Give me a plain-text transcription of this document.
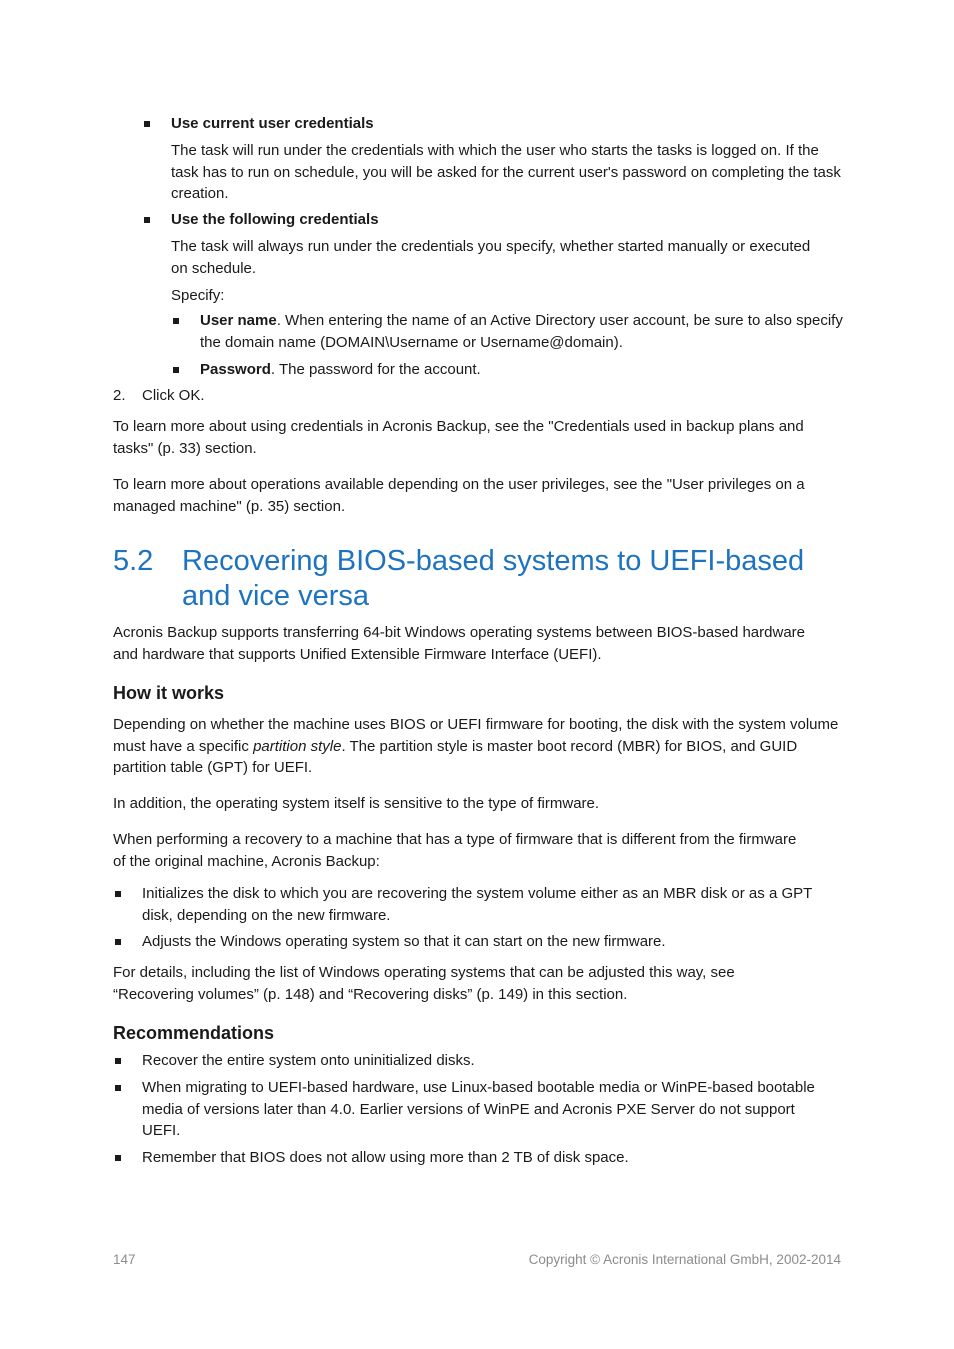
Use current user credentials
The task will run under the credentials with which the user who starts the tasks is logged on. If the task has to run on schedule, you will be asked for the current user's password on completing the task creation.
Use the following credentials
The task will always run under the credentials you specify, whether started manually or executed on schedule.
Specify:
User name. When entering the name of an Active Directory user account, be sure to also specify the domain name (DOMAIN\Username or Username@domain).
Password. The password for the account.
2. Click OK.
To learn more about using credentials in Acronis Backup, see the "Credentials used in backup plans and tasks" (p. 33) section.
To learn more about operations available depending on the user privileges, see the "User privileges on a managed machine" (p. 35) section.
5.2 Recovering BIOS-based systems to UEFI-based and vice versa
Acronis Backup supports transferring 64-bit Windows operating systems between BIOS-based hardware and hardware that supports Unified Extensible Firmware Interface (UEFI).
How it works
Depending on whether the machine uses BIOS or UEFI firmware for booting, the disk with the system volume must have a specific partition style. The partition style is master boot record (MBR) for BIOS, and GUID partition table (GPT) for UEFI.
In addition, the operating system itself is sensitive to the type of firmware.
When performing a recovery to a machine that has a type of firmware that is different from the firmware of the original machine, Acronis Backup:
Initializes the disk to which you are recovering the system volume either as an MBR disk or as a GPT disk, depending on the new firmware.
Adjusts the Windows operating system so that it can start on the new firmware.
For details, including the list of Windows operating systems that can be adjusted this way, see “Recovering volumes” (p. 148) and “Recovering disks” (p. 149) in this section.
Recommendations
Recover the entire system onto uninitialized disks.
When migrating to UEFI-based hardware, use Linux-based bootable media or WinPE-based bootable media of versions later than 4.0. Earlier versions of WinPE and Acronis PXE Server do not support UEFI.
Remember that BIOS does not allow using more than 2 TB of disk space.
147	Copyright © Acronis International GmbH, 2002-2014
